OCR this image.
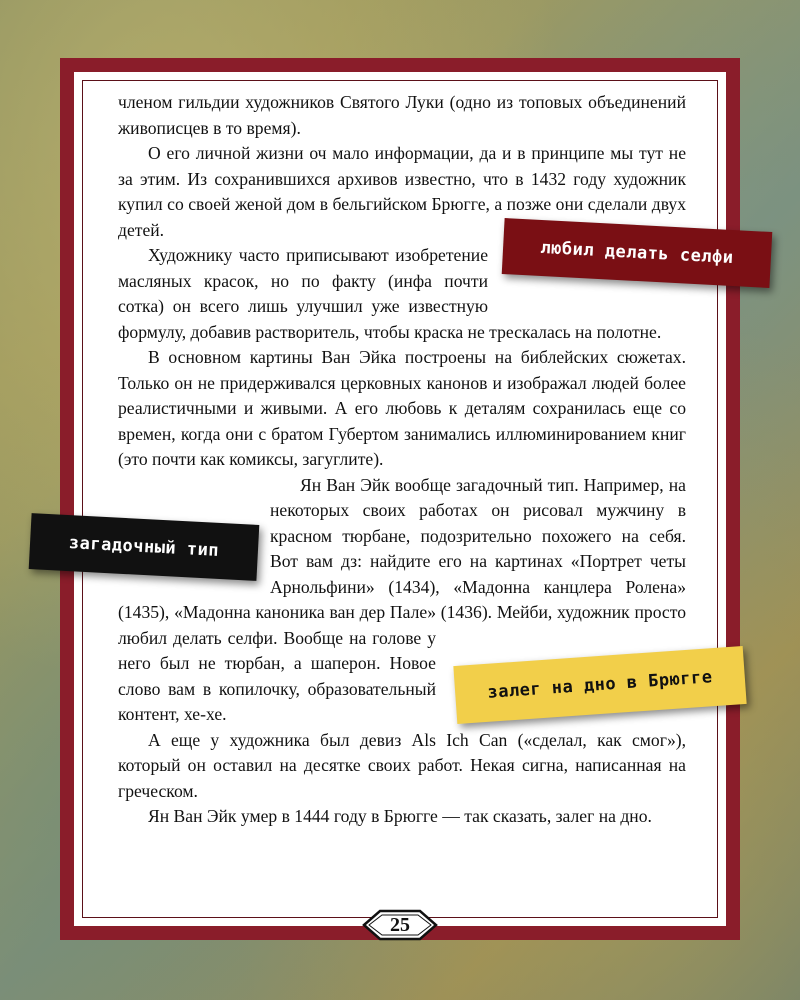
членом гильдии художников Святого Луки (одно из топовых объединений живописцев в то время).

О его личной жизни оч мало информации, да и в принципе мы тут не за этим. Из сохранившихся архивов известно, что в 1432 году художник купил со своей женой дом в бельгийском Брюгге, а позже они сделали двух детей.

Художнику часто приписывают изобретение масляных красок, но по факту (инфа почти сотка) он всего лишь улучшил уже известную формулу, добавив растворитель, чтобы краска не трескалась на полотне.

В основном картины Ван Эйка построены на библейских сюжетах. Только он не придерживался церковных канонов и изображал людей более реалистичными и живыми. А его любовь к деталям сохранилась еще со времен, когда они с братом Губертом занимались иллюминированием книг (это почти как комиксы, загуглите).

Ян Ван Эйк вообще загадочный тип. Например, на некоторых своих работах он рисовал мужчину в красном тюрбане, подозрительно похожего на себя. Вот вам дз: найдите его на картинах «Портрет четы Арнольфини» (1434), «Мадонна канцлера Ролена» (1435), «Мадонна каноника ван дер Пале» (1436). Мейби, художник просто любил делать селфи.
Вообще на голове у него был не тюрбан, а шаперон. Новое слово вам в копилочку, образовательный контент, хе-хе.

А еще у художника был девиз Als Ich Can («сделал, как смог»), который он оставил на десятке своих работ. Некая сигна, написанная на греческом.

Ян Ван Эйк умер в 1444 году в Брюгге — так сказать, залег на дно.

любил делать селфи
загадочный тип
залег на дно в Брюгге
25
